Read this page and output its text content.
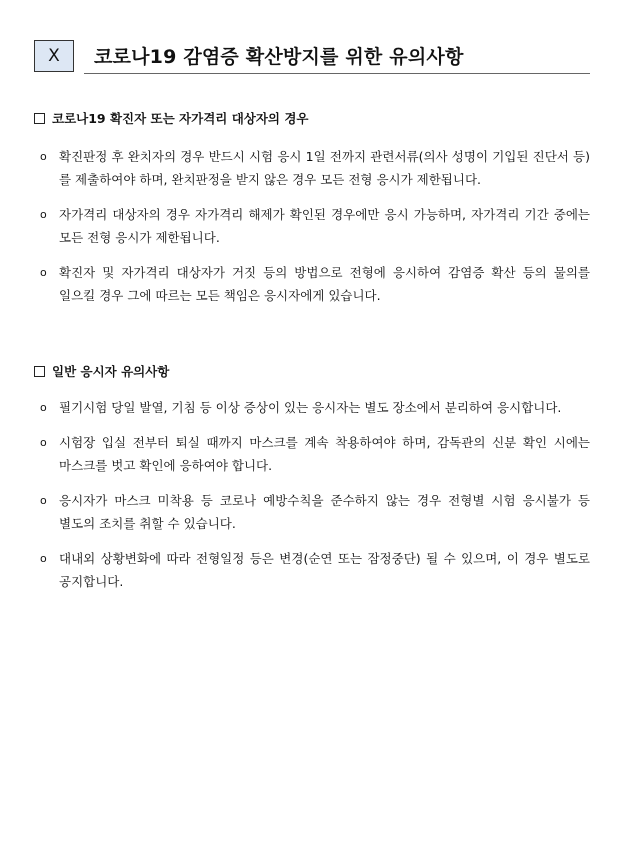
X	코로나19 감염증 확산방지를 위한 유의사항
코로나19 확진자 또는 자가격리 대상자의 경우
o 확진판정 후 완치자의 경우 반드시 시험 응시 1일 전까지 관련서류(의사 성명이 기입된 진단서 등)를 제출하여야 하며, 완치판정을 받지 않은 경우 모든 전형 응시가 제한됩니다.
o 자가격리 대상자의 경우 자가격리 해제가 확인된 경우에만 응시 가능하며, 자가격리 기간 중에는 모든 전형 응시가 제한됩니다.
o 확진자 및 자가격리 대상자가 거짓 등의 방법으로 전형에 응시하여 감염증 확산 등의 물의를 일으킬 경우 그에 따르는 모든 책임은 응시자에게 있습니다.
일반 응시자 유의사항
o 필기시험 당일 발열, 기침 등 이상 증상이 있는 응시자는 별도 장소에서 분리하여 응시합니다.
o 시험장 입실 전부터 퇴실 때까지 마스크를 계속 착용하여야 하며, 감독관의 신분 확인 시에는 마스크를 벗고 확인에 응하여야 합니다.
o 응시자가 마스크 미착용 등 코로나 예방수칙을 준수하지 않는 경우 전형별 시험 응시불가 등 별도의 조치를 취할 수 있습니다.
o 대내외 상황변화에 따라 전형일정 등은 변경(순연 또는 잠정중단) 될 수 있으며, 이 경우 별도로 공지합니다.
